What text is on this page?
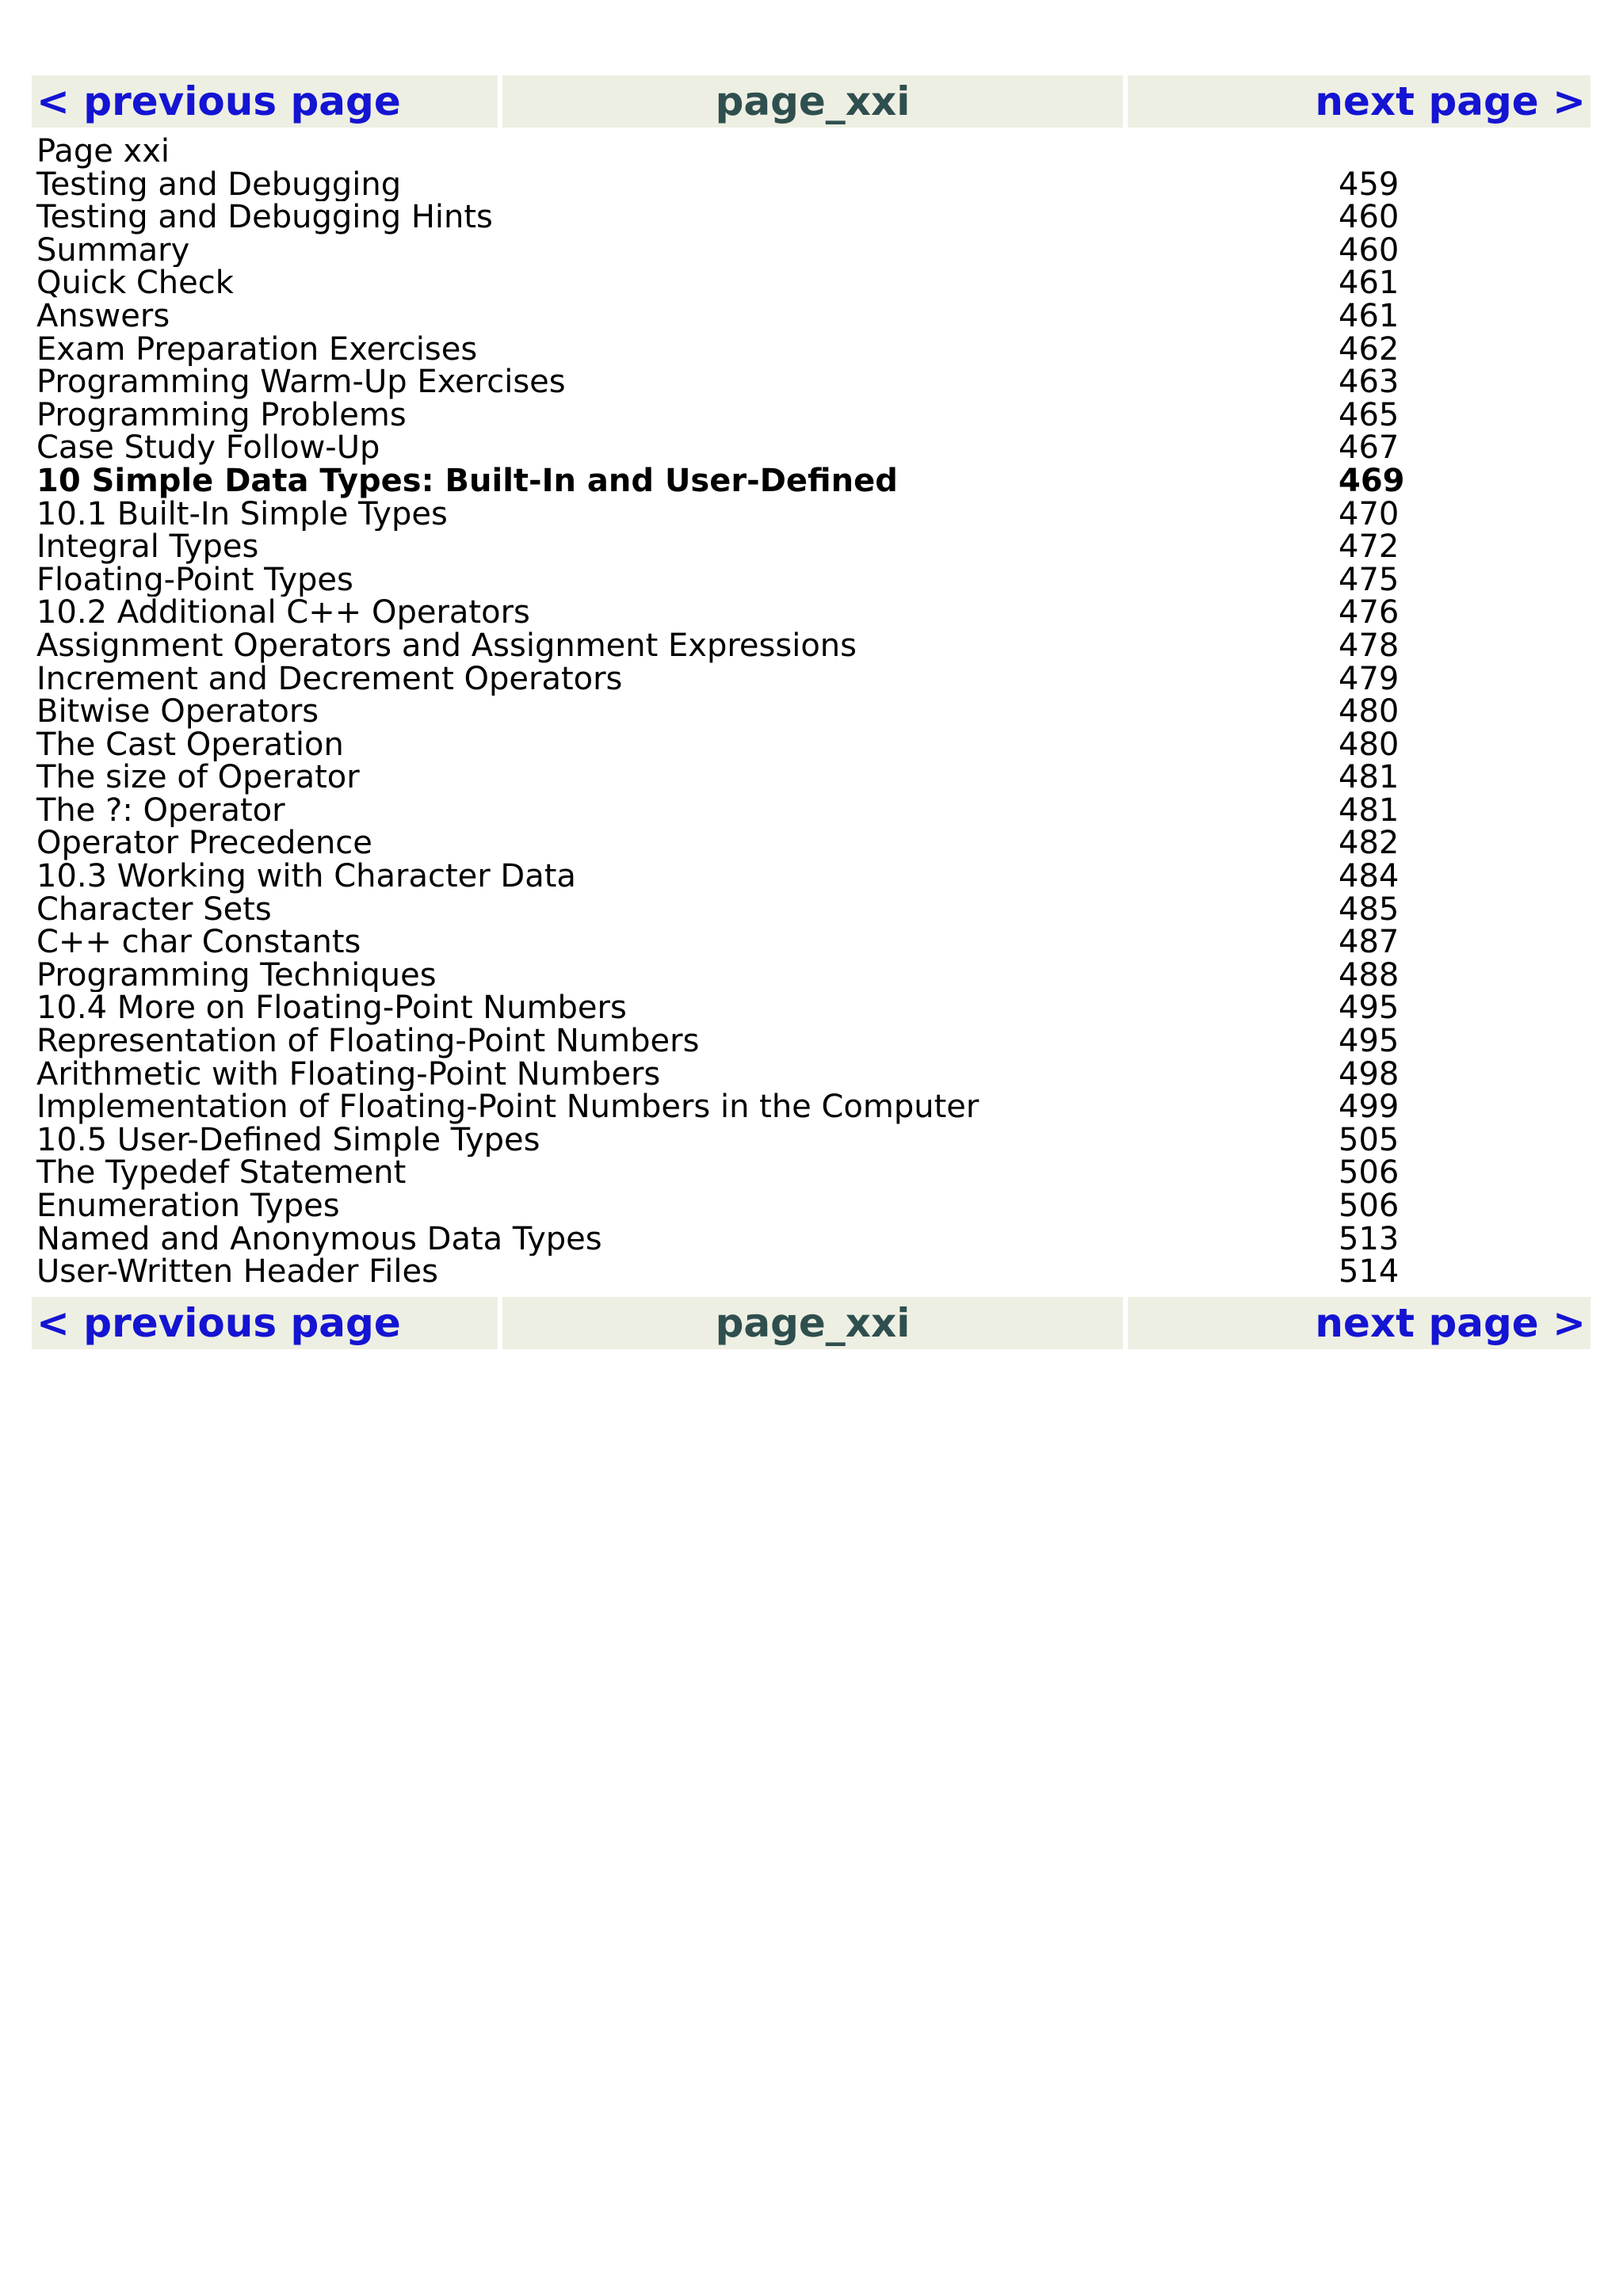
< previous page	page_xxi	next page >
Page xxi
Testing and Debugging	459
Testing and Debugging Hints	460
Summary	460
Quick Check	461
Answers	461
Exam Preparation Exercises	462
Programming Warm-Up Exercises	463
Programming Problems	465
Case Study Follow-Up	467
10 Simple Data Types: Built-In and User-Defined	469
10.1 Built-In Simple Types	470
Integral Types	472
Floating-Point Types	475
10.2 Additional C++ Operators	476
Assignment Operators and Assignment Expressions	478
Increment and Decrement Operators	479
Bitwise Operators	480
The Cast Operation	480
The size of Operator	481
The ?: Operator	481
Operator Precedence	482
10.3 Working with Character Data	484
Character Sets	485
C++ char Constants	487
Programming Techniques	488
10.4 More on Floating-Point Numbers	495
Representation of Floating-Point Numbers	495
Arithmetic with Floating-Point Numbers	498
Implementation of Floating-Point Numbers in the Computer	499
10.5 User-Defined Simple Types	505
The Typedef Statement	506
Enumeration Types	506
Named and Anonymous Data Types	513
User-Written Header Files	514
< previous page	page_xxi	next page >
